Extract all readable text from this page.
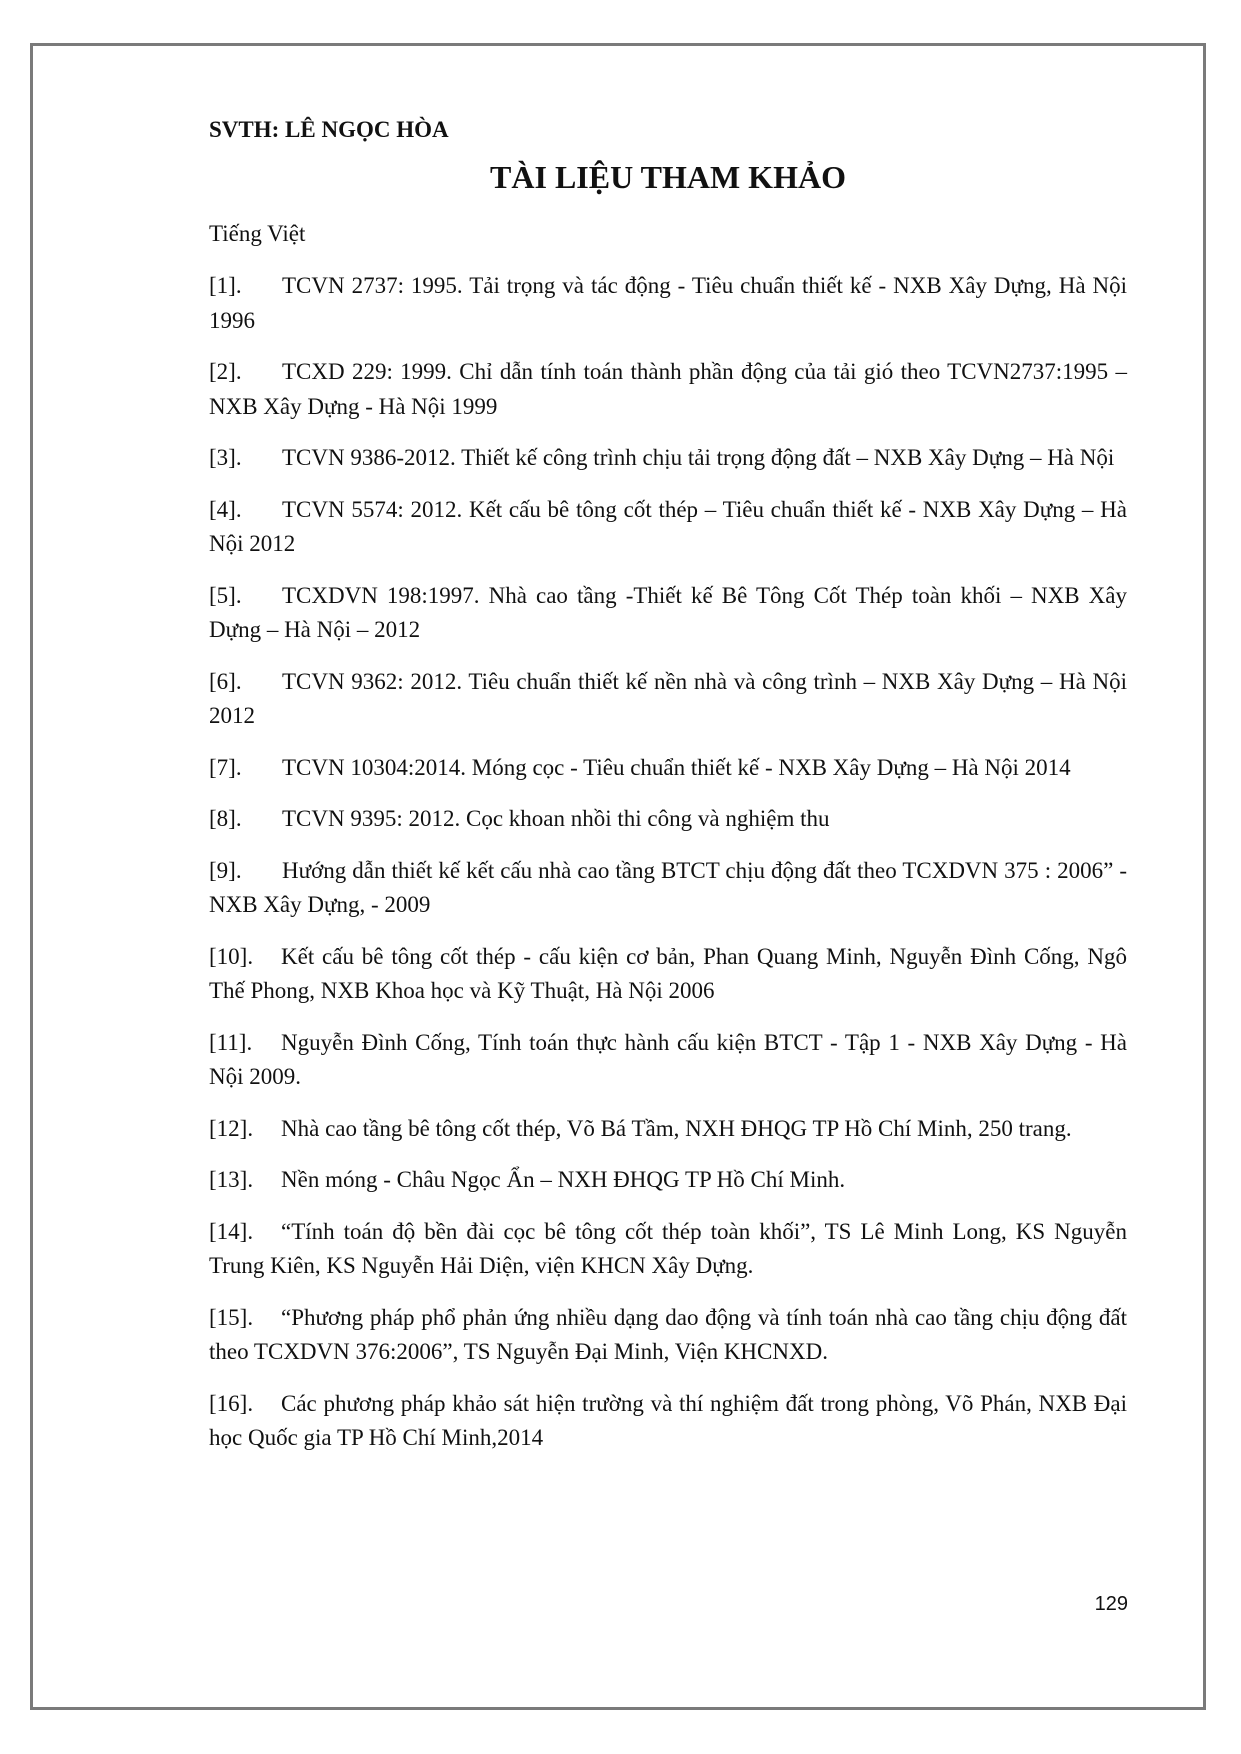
SVTH: LÊ NGỌC HÒA
TÀI LIỆU THAM KHẢO
Tiếng Việt
[1]. TCVN 2737: 1995. Tải trọng và tác động - Tiêu chuẩn thiết kế - NXB Xây Dựng, Hà Nội 1996
[2]. TCXD 229: 1999. Chỉ dẫn tính toán thành phần động của tải gió theo TCVN2737:1995 – NXB Xây Dựng - Hà Nội 1999
[3]. TCVN 9386-2012. Thiết kế công trình chịu tải trọng động đất – NXB Xây Dựng – Hà Nội
[4]. TCVN 5574: 2012. Kết cấu bê tông cốt thép – Tiêu chuẩn thiết kế - NXB Xây Dựng – Hà Nội 2012
[5]. TCXDVN 198:1997. Nhà cao tầng -Thiết kế Bê Tông Cốt Thép toàn khối – NXB Xây Dựng – Hà Nội – 2012
[6]. TCVN 9362: 2012. Tiêu chuẩn thiết kế nền nhà và công trình – NXB Xây Dựng – Hà Nội 2012
[7]. TCVN 10304:2014. Móng cọc - Tiêu chuẩn thiết kế - NXB Xây Dựng – Hà Nội 2014
[8]. TCVN 9395: 2012. Cọc khoan nhồi thi công và nghiệm thu
[9]. Hướng dẫn thiết kế kết cấu nhà cao tầng BTCT chịu động đất theo TCXDVN 375 : 2006” - NXB Xây Dựng, - 2009
[10]. Kết cấu bê tông cốt thép - cấu kiện cơ bản, Phan Quang Minh, Nguyễn Đình Cống, Ngô Thế Phong, NXB Khoa học và Kỹ Thuật, Hà Nội 2006
[11]. Nguyễn Đình Cống, Tính toán thực hành cấu kiện BTCT - Tập 1 - NXB Xây Dựng - Hà Nội 2009.
[12]. Nhà cao tầng bê tông cốt thép, Võ Bá Tầm, NXH ĐHQG TP Hồ Chí Minh, 250 trang.
[13]. Nền móng - Châu Ngọc Ẩn – NXH ĐHQG TP Hồ Chí Minh.
[14]. “Tính toán độ bền đài cọc bê tông cốt thép toàn khối”, TS Lê Minh Long, KS Nguyễn Trung Kiên, KS Nguyễn Hải Diện, viện KHCN Xây Dựng.
[15]. “Phương pháp phổ phản ứng nhiều dạng dao động và tính toán nhà cao tầng chịu động đất theo TCXDVN 376:2006”, TS Nguyễn Đại Minh, Viện KHCNXD.
[16]. Các phương pháp khảo sát hiện trường và thí nghiệm đất trong phòng, Võ Phán, NXB Đại học Quốc gia TP Hồ Chí Minh,2014
129
